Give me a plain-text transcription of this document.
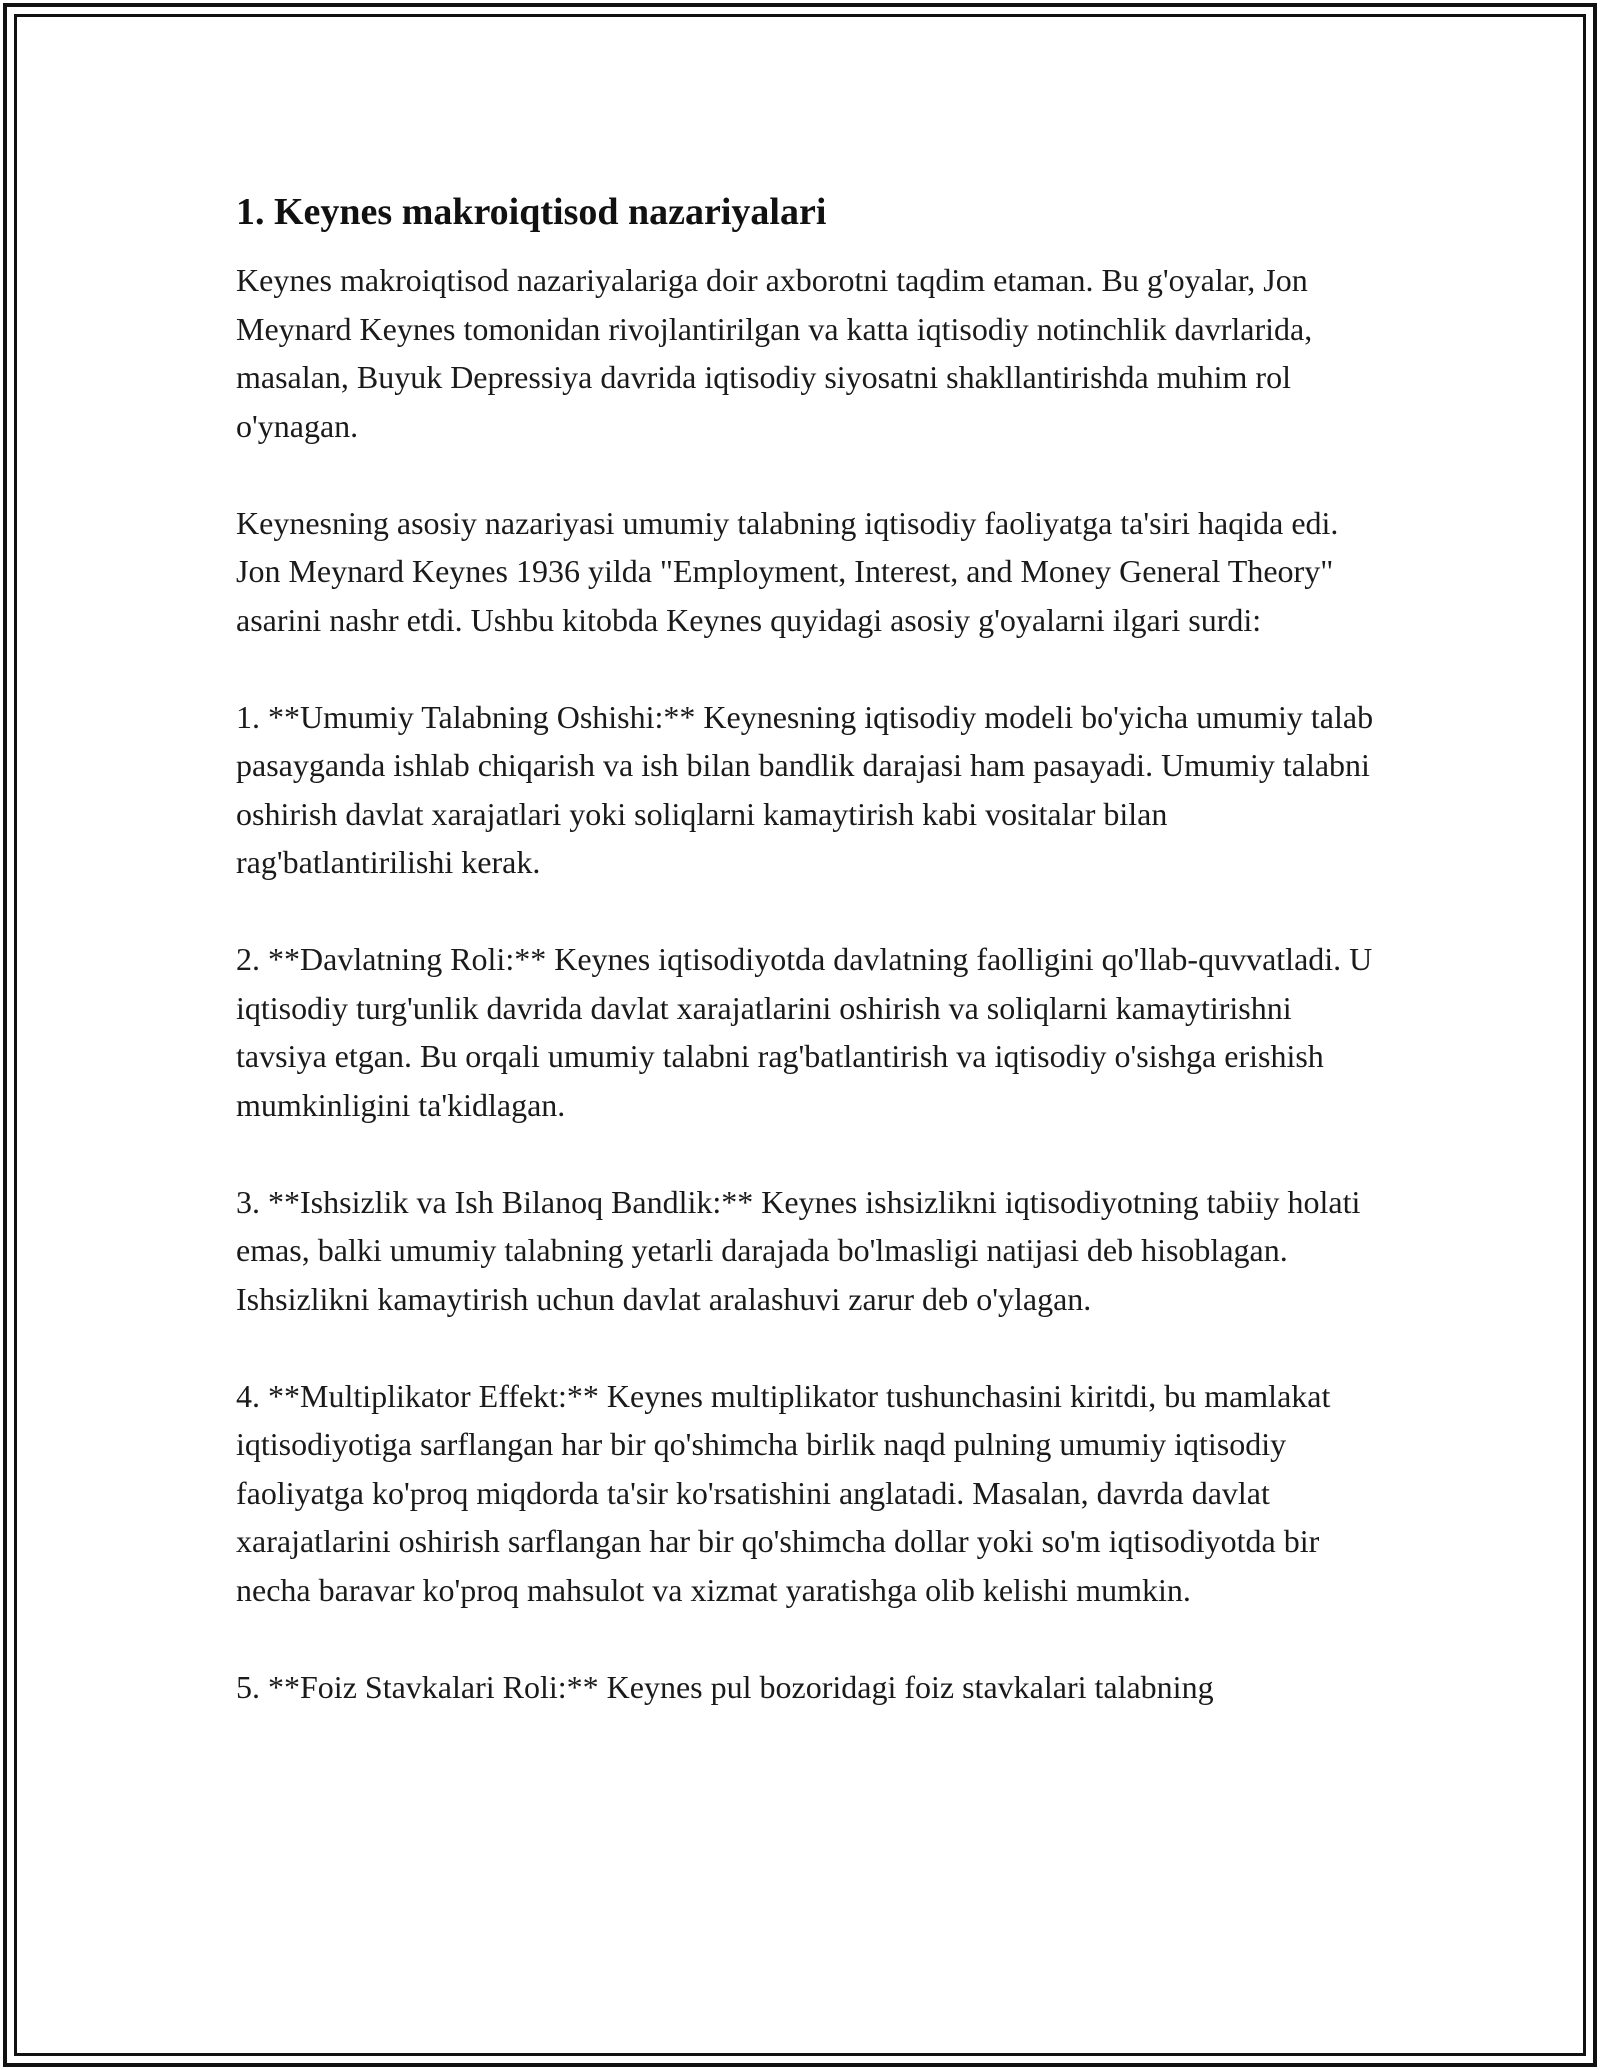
1. Keynes makroiqtisod nazariyalari

Keynes makroiqtisod nazariyalariga doir axborotni taqdim etaman. Bu g'oyalar, Jon Meynard Keynes tomonidan rivojlantirilgan va katta iqtisodiy notinchlik davrlarida, masalan, Buyuk Depressiya davrida iqtisodiy siyosatni shakllantirishda muhim rol o'ynagan.

Keynesning asosiy nazariyasi umumiy talabning iqtisodiy faoliyatga ta'siri haqida edi. Jon Meynard Keynes 1936 yilda "Employment, Interest, and Money General Theory" asarini nashr etdi. Ushbu kitobda Keynes quyidagi asosiy g'oyalarni ilgari surdi:

1. **Umumiy Talabning Oshishi:** Keynesning iqtisodiy modeli bo'yicha umumiy talab pasayganda ishlab chiqarish va ish bilan bandlik darajasi ham pasayadi. Umumiy talabni oshirish davlat xarajatlari yoki soliqlarni kamaytirish kabi vositalar bilan rag'batlantirilishi kerak.

2. **Davlatning Roli:** Keynes iqtisodiyotda davlatning faolligini qo'llab-quvvatladi. U iqtisodiy turg'unlik davrida davlat xarajatlarini oshirish va soliqlarni kamaytirishni tavsiya etgan. Bu orqali umumiy talabni rag'batlantirish va iqtisodiy o'sishga erishish mumkinligini ta'kidlagan.

3. **Ishsizlik va Ish Bilanoq Bandlik:** Keynes ishsizlikni iqtisodiyotning tabiiy holati emas, balki umumiy talabning yetarli darajada bo'lmasligi natijasi deb hisoblagan. Ishsizlikni kamaytirish uchun davlat aralashuvi zarur deb o'ylagan.

4. **Multiplikator Effekt:** Keynes multiplikator tushunchasini kiritdi, bu mamlakat iqtisodiyotiga sarflangan har bir qo'shimcha birlik naqd pulning umumiy iqtisodiy faoliyatga ko'proq miqdorda ta'sir ko'rsatishini anglatadi. Masalan, davrda davlat xarajatlarini oshirish sarflangan har bir qo'shimcha dollar yoki so'm iqtisodiyotda bir necha baravar ko'proq mahsulot va xizmat yaratishga olib kelishi mumkin.

5. **Foiz Stavkalari Roli:** Keynes pul bozoridagi foiz stavkalari talabning
